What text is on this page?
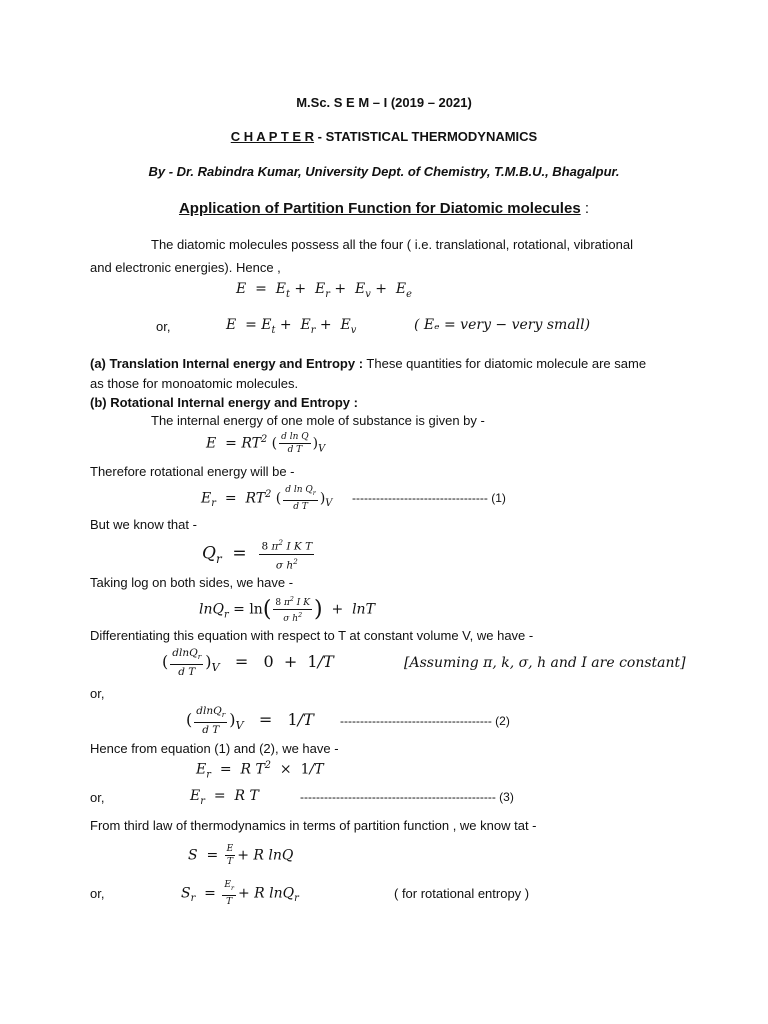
M.Sc. S E M – I (2019 – 2021)
C H A P T E R - STATISTICAL THERMODYNAMICS
By - Dr. Rabindra Kumar, University Dept. of Chemistry, T.M.B.U., Bhagalpur.
Application of Partition Function for Diatomic molecules :
The diatomic molecules possess all the four ( i.e. translational, rotational, vibrational
and electronic energies). Hence ,
$E = E_t + E_r + E_v + E_e$
or,	$E = E_t + E_r + E_v$	( Eₑ = very − very small)
(a) Translation Internal energy and Entropy : These quantities for diatomic molecule are same
as those for monoatomic molecules.
(b) Rotational Internal energy and Entropy :
The internal energy of one mole of substance is given by -
$E = RT^2$ ( $\frac{\text{d ln Q}}{\text{d T}} )_V$
Therefore rotational energy will be -
$E_r = RT^2$ ( $\frac{d \ln Q_r}{\text{d T}} )_V$ ---------------------------------- (1)
But we know that -
$Q_r = \frac{8 \pi^2 I K T}{\sigma h^2}$
Taking log on both sides, we have -
$\ln Q_r = \ln( \frac{8 \pi^2 I K}{\sigma h^2}$ )  +  lnT
Differentiating this equation with respect to T at constant volume V, we have -
( $\frac{dlnQ_r}{\text{d T}} )_V = 0 + 1/T$	[Assuming π, k, σ, h and I are constant]
or,
( $\frac{dlnQ_r}{\text{d T}} )_V = 1/T$ -------------------------------------- (2)
Hence from equation (1) and (2), we have -
$E_r = R$ $T^2 \times 1/T$
or,	$E_r = R$ T	------------------------------------------------- (3)
From third law of thermodynamics in terms of partition function , we know tat -
$S = \frac{E}{T} + R$ lnQ
or,	$S_r = \frac{E_r}{T} + R$ lnQ$_r$	( for rotational entropy )
